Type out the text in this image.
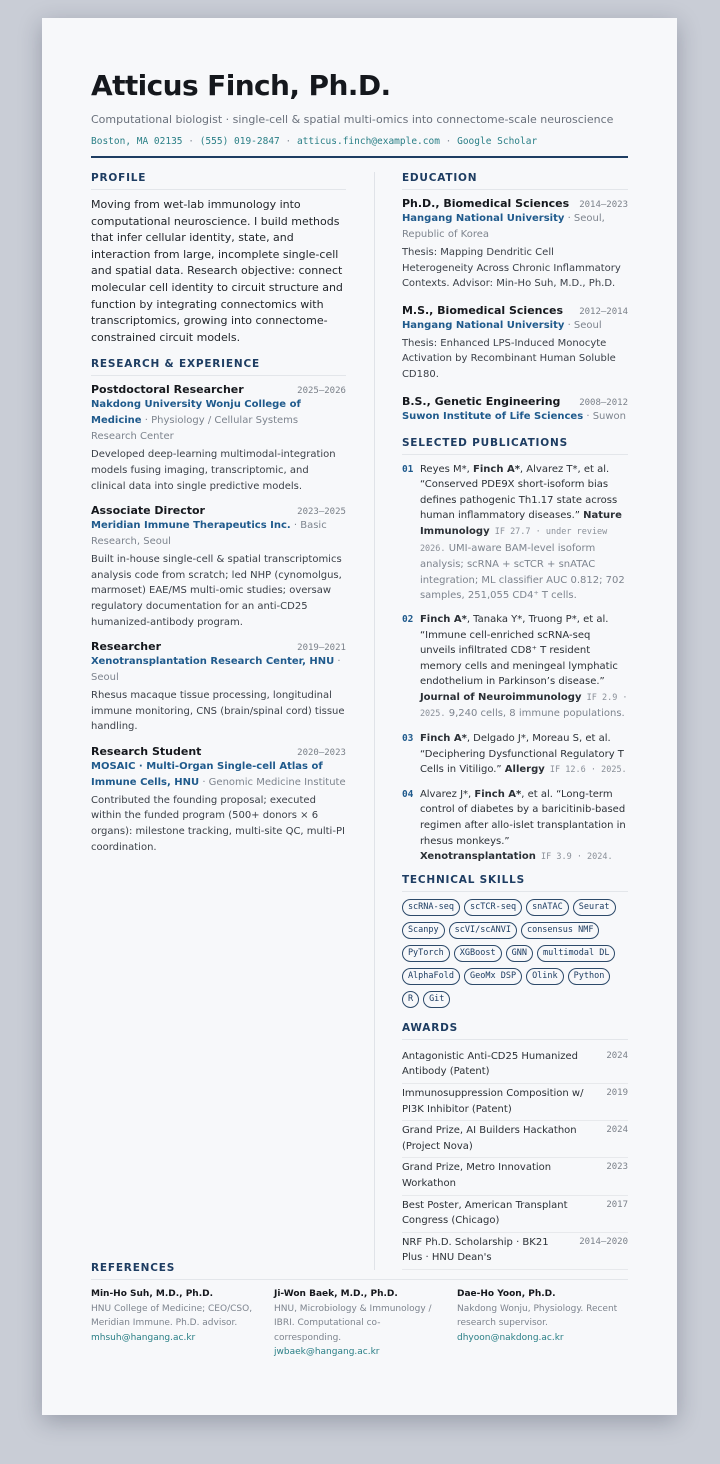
Atticus Finch, Ph.D.
Computational biologist · single-cell & spatial multi-omics into connectome-scale neuroscience
Boston, MA 02135 · (555) 019-2847 · atticus.finch@example.com · Google Scholar
PROFILE
Moving from wet-lab immunology into computational neuroscience. I build methods that infer cellular identity, state, and interaction from large, incomplete single-cell and spatial data. Research objective: connect molecular cell identity to circuit structure and function by integrating connectomics with transcriptomics, growing into connectome-constrained circuit models.
RESEARCH & EXPERIENCE
Postdoctoral Researcher	2025–2026
Nakdong University Wonju College of Medicine · Physiology / Cellular Systems Research Center
Developed deep-learning multimodal-integration models fusing imaging, transcriptomic, and clinical data into single predictive models.
Associate Director	2023–2025
Meridian Immune Therapeutics Inc. · Basic Research, Seoul
Built in-house single-cell & spatial transcriptomics analysis code from scratch; led NHP (cynomolgus, marmoset) EAE/MS multi-omic studies; oversaw regulatory documentation for an anti-CD25 humanized-antibody program.
Researcher	2019–2021
Xenotransplantation Research Center, HNU · Seoul
Rhesus macaque tissue processing, longitudinal immune monitoring, CNS (brain/spinal cord) tissue handling.
Research Student	2020–2023
MOSAIC · Multi-Organ Single-cell Atlas of Immune Cells, HNU · Genomic Medicine Institute
Contributed the founding proposal; executed within the funded program (500+ donors × 6 organs): milestone tracking, multi-site QC, multi-PI coordination.
EDUCATION
Ph.D., Biomedical Sciences 2014–2023
Hangang National University · Seoul, Republic of Korea
Thesis: Mapping Dendritic Cell Heterogeneity Across Chronic Inflammatory Contexts. Advisor: Min-Ho Suh, M.D., Ph.D.
M.S., Biomedical Sciences 2012–2014
Hangang National University · Seoul
Thesis: Enhanced LPS-Induced Monocyte Activation by Recombinant Human Soluble CD180.
B.S., Genetic Engineering 2008–2012
Suwon Institute of Life Sciences · Suwon
SELECTED PUBLICATIONS
01 Reyes M*, Finch A*, Alvarez T*, et al. “Conserved PDE9X short-isoform bias defines pathogenic Th1.17 state across human inflammatory diseases.” Nature Immunology IF 27.7 · under review 2026. UMI-aware BAM-level isoform analysis; scRNA + scTCR + snATAC integration; ML classifier AUC 0.812; 702 samples, 251,055 CD4⁺ T cells.
02 Finch A*, Tanaka Y*, Truong P*, et al. “Immune cell-enriched scRNA-seq unveils infiltrated CD8⁺ T resident memory cells and meningeal lymphatic endothelium in Parkinson’s disease.” Journal of Neuroimmunology IF 2.9 · 2025. 9,240 cells, 8 immune populations.
03 Finch A*, Delgado J*, Moreau S, et al. “Deciphering Dysfunctional Regulatory T Cells in Vitiligo.” Allergy IF 12.6 · 2025.
04 Alvarez J*, Finch A*, et al. “Long-term control of diabetes by a baricitinib-based regimen after allo-islet transplantation in rhesus monkeys.” Xenotransplantation IF 3.9 · 2024.
TECHNICAL SKILLS
scRNA-seq	scTCR-seq	snATAC	Seurat
Scanpy	scVI/scANVI	consensus NMF
PyTorch	XGBoost	GNN	multimodal DL
AlphaFold	GeoMx DSP	Olink	Python
R	Git
AWARDS
Antagonistic Anti-CD25 Humanized Antibody (Patent)
2024
Immunosuppression Composition w/ PI3K Inhibitor (Patent)
2019
Grand Prize, AI Builders Hackathon (Project Nova)
2024
Grand Prize, Metro Innovation Workathon
2023
Best Poster, American Transplant Congress (Chicago)
2017
NRF Ph.D. Scholarship · BK21 Plus · HNU Dean's
2014–2020
REFERENCES
Min-Ho Suh, M.D., Ph.D.
HNU College of Medicine; CEO/CSO, Meridian Immune. Ph.D. advisor.
mhsuh@hangang.ac.kr
Ji-Won Baek, M.D., Ph.D.
HNU, Microbiology & Immunology / IBRI. Computational co-corresponding.
jwbaek@hangang.ac.kr
Dae-Ho Yoon, Ph.D.
Nakdong Wonju, Physiology. Recent research supervisor.
dhyoon@nakdong.ac.kr
